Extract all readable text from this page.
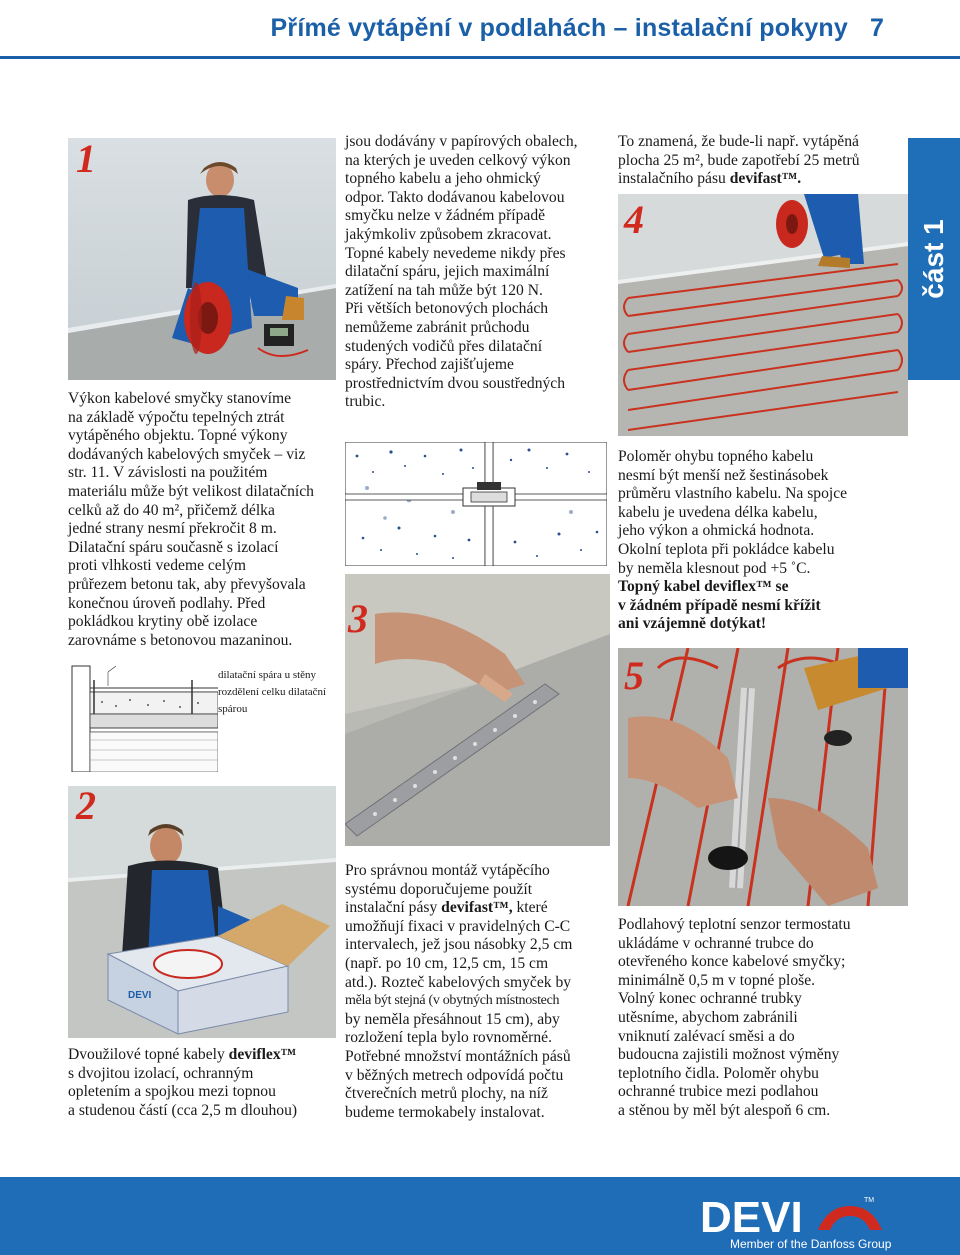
Přímé vytápění v podlahách – instalační pokyny 7
část 1
1
Výkon kabelové smyčky stanovíme
na základě výpočtu tepelných ztrát
vytápěného objektu. Topné výkony
dodávaných kabelových smyček – viz
str. 11. V závislosti na použitém
materiálu může být velikost dilatačních
celků až do 40 m², přičemž délka
jedné strany nesmí překročit 8 m.
Dilatační spáru současně s izolací
proti vlhkosti vedeme celým
průřezem betonu tak, aby převyšovala
konečnou úroveň podlahy. Před
pokládkou krytiny obě izolace
zarovnáme s betonovou mazaninou.
dilatační spára u stěny
rozdělení celku dilatační
spárou
DEVI
2
Dvoužilové topné kabely deviflex™
s dvojitou izolací, ochranným
opletením a spojkou mezi topnou
a studenou částí (cca 2,5 m dlouhou)
jsou dodávány v papírových obalech,
na kterých je uveden celkový výkon
topného kabelu a jeho ohmický
odpor. Takto dodávanou kabelovou
smyčku nelze v žádném případě
jakýmkoliv způsobem zkracovat.
Topné kabely nevedeme nikdy přes
dilatační spáru, jejich maximální
zatížení na tah může být 120 N.
Při větších betonových plochách
nemůžeme zabránit průchodu
studených vodičů přes dilatační
spáry. Přechod zajišťujeme
prostřednictvím dvou soustředných
trubic.
3
Pro správnou montáž vytápěcího
systému doporučujeme použít
instalační pásy devifast™, které
umožňují fixaci v pravidelných C-C
intervalech, jež jsou násobky 2,5 cm
(např. po 10 cm, 12,5 cm, 15 cm
atd.). Rozteč kabelových smyček by
měla být stejná (v obytných místnostech
by neměla přesáhnout 15 cm), aby
rozložení tepla bylo rovnoměrné.
Potřebné množství montážních pásů
v běžných metrech odpovídá počtu
čtverečních metrů plochy, na níž
budeme termokabely instalovat.
To znamená, že bude-li např. vytápěná
plocha 25 m², bude zapotřebí 25 metrů
instalačního pásu devifast™.
4
Poloměr ohybu topného kabelu
nesmí být menší než šestinásobek
průměru vlastního kabelu. Na spojce
kabelu je uvedena délka kabelu,
jeho výkon a ohmická hodnota.
Okolní teplota při pokládce kabelu
by neměla klesnout pod +5 ˚C.
Topný kabel deviflex™ se
v žádném případě nesmí křížit
ani vzájemně dotýkat!
5
Podlahový teplotní senzor termostatu
ukládáme v ochranné trubce do
otevřeného konce kabelové smyčky;
minimálně 0,5 m v topné ploše.
Volný konec ochranné trubky
utěsníme, abychom zabránili
vniknutí zalévací směsi a do
budoucna zajistili možnost výměny
teplotního čidla. Poloměr ohybu
ochranné trubice mezi podlahou
a stěnou by měl být alespoň 6 cm.
DEVI	TM
Member of the Danfoss Group
